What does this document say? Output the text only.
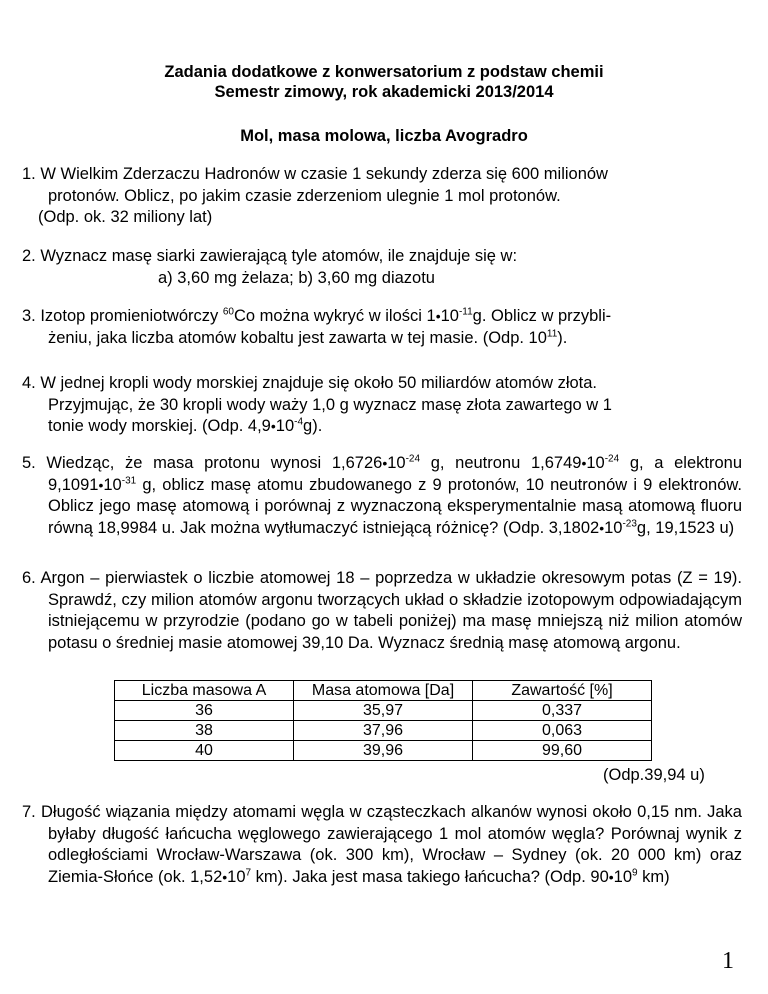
Zadania dodatkowe z konwersatorium z podstaw chemii
Semestr zimowy, rok akademicki 2013/2014
Mol, masa molowa, liczba Avogradro
1. W Wielkim Zderzaczu Hadronów w czasie 1 sekundy zderza się 600 milionów
protonów. Oblicz, po jakim czasie zderzeniom ulegnie 1 mol protonów.
(Odp. ok. 32 miliony lat)
2. Wyznacz masę siarki zawierającą tyle atomów, ile znajduje się w:
a) 3,60 mg żelaza; b) 3,60 mg diazotu
3. Izotop promieniotwórczy $^{60}$Co można wykryć w ilości $1•10^{-11}g$. Oblicz w przybli-
żeniu, jaka liczba atomów kobaltu jest zawarta w tej masie. (Odp. $10^{11}$).
4. W jednej kropli wody morskiej znajduje się około 50 miliardów atomów złota.
Przyjmując, że 30 kropli wody waży 1,0 g wyznacz masę złota zawartego w 1
tonie wody morskiej. (Odp. $4,9•10^{-4}g$).
5. Wiedząc, że masa protonu wynosi $1,6726•10^{-24}$ g, neutronu $1,6749•10^{-24}$ g, a elektronu $9,1091•10^{-31}$ g, oblicz masę atomu zbudowanego z 9 protonów, 10 neutronów i 9 elektronów. Oblicz jego masę atomową i porównaj z wyznaczoną eksperymentalnie masą atomową fluoru równą 18,9984 u. Jak można wytłumaczyć istniejącą różnicę? (Odp. $3,1802•10^{-23}g$, 19,1523 u)
6. Argon – pierwiastek o liczbie atomowej 18 – poprzedza w układzie okresowym potas (Z = 19). Sprawdź, czy milion atomów argonu tworzących układ o składzie izotopowym odpowiadającym istniejącemu w przyrodzie (podano go w tabeli poniżej) ma masę mniejszą niż milion atomów potasu o średniej masie atomowej 39,10 Da. Wyznacz średnią masę atomową argonu.
Liczba masowa A	Masa atomowa [Da]	Zawartość [%]
36	35,97	0,337
38	37,96	0,063
40	39,96	99,60
(Odp.39,94 u)
7. Długość wiązania między atomami węgla w cząsteczkach alkanów wynosi około 0,15 nm. Jaka byłaby długość łańcucha węglowego zawierającego 1 mol atomów węgla? Porównaj wynik z odległościami Wrocław-Warszawa (ok. 300 km), Wrocław – Sydney (ok. 20 000 km) oraz Ziemia-Słońce (ok. $1,52•10^7$ km). Jaka jest masa takiego łańcucha? (Odp. $90•10^9$ km)
1
